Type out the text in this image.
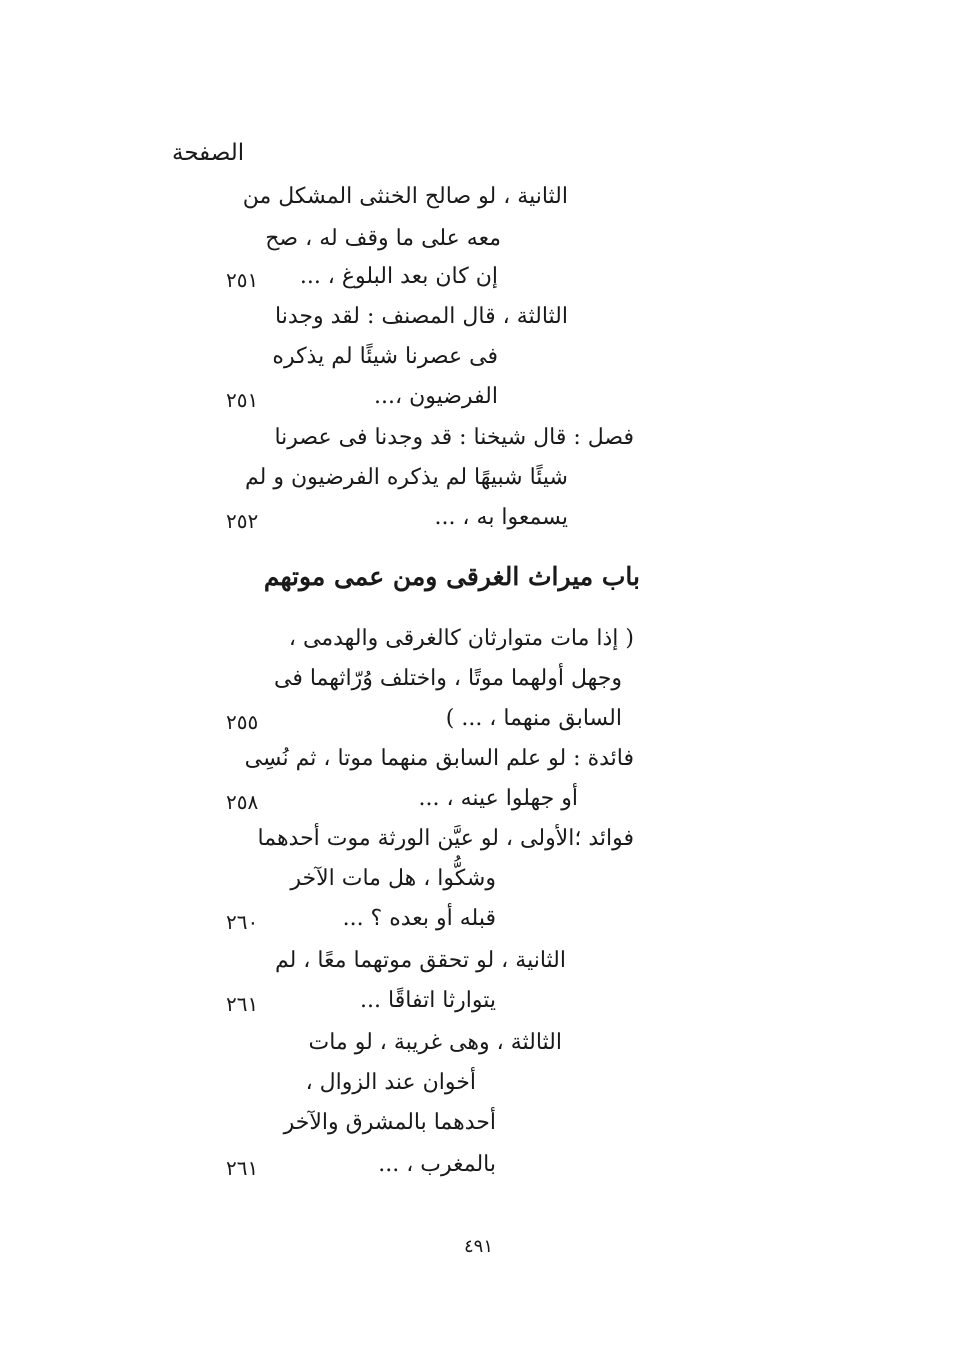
الصفحة
الثانية ، لو صالح الخنثى المشكل من
معه على ما وقف له ، صح
إن كان بعد البلوغ ، ...
٢٥١
الثالثة ، قال المصنف : لقد وجدنا
فى عصرنا شيئًا لم يذكره
الفرضيون ،...
٢٥١
فصل : قال شيخنا : قد وجدنا فى عصرنا
شيئًا شبيهًا لم يذكره الفرضيون و لم
يسمعوا به ، ...
٢٥٢
باب ميراث الغرقى ومن عمى موتهم
( إذا مات متوارثان كالغرقى والهدمى ،
وجهل أولهما موتًا ، واختلف وُرّاثهما فى
السابق منهما ، ... )
٢٥٥
فائدة : لو علم السابق منهما موتا ، ثم نُسِى
أو جهلوا عينه ، ...
٢٥٨
فوائد ؛الأولى ، لو عيَّن الورثة موت أحدهما
وشكُّوا ، هل مات الآخر
قبله أو بعده ؟ ...
٢٦٠
الثانية ، لو تحقق موتهما معًا ، لم
يتوارثا اتفاقًا ...
٢٦١
الثالثة ، وهى غريبة ، لو مات
أخوان عند الزوال ،
أحدهما بالمشرق والآخر
بالمغرب ، ...
٢٦١
٤٩١
